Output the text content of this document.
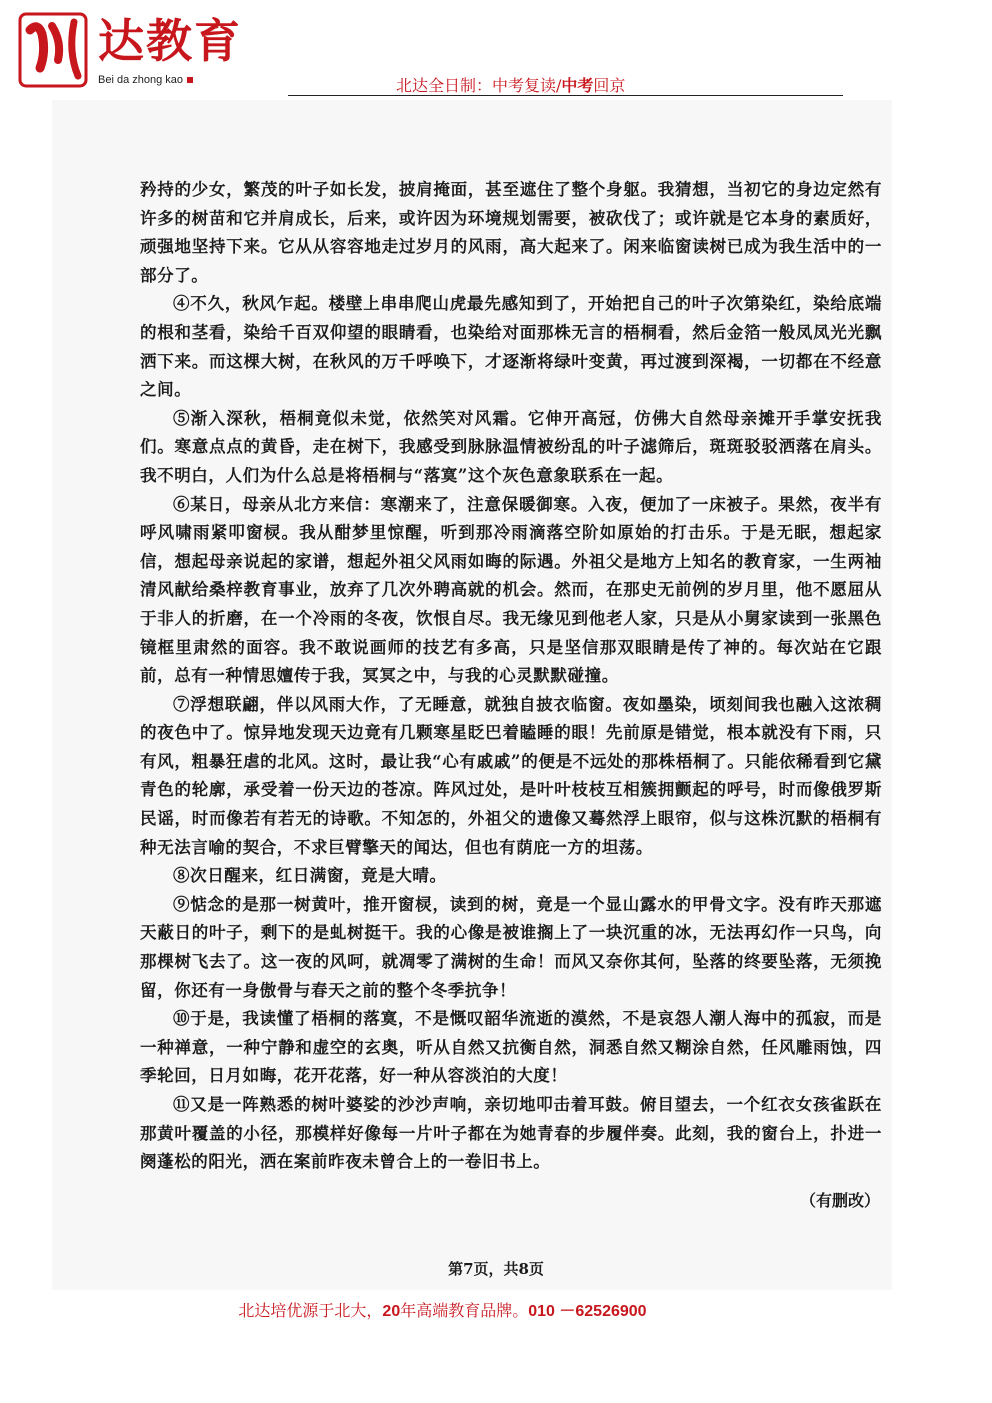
达教育
Bei da zhong kao	北达全日制：中考复读/中考回京

矜持的少女，繁茂的叶子如长发，披肩掩面，甚至遮住了整个身躯。我猜想，当初它的身边定然有许多的树苗和它并肩成长，后来，或许因为环境规划需要，被砍伐了；或许就是它本身的素质好，顽强地坚持下来。它从从容容地走过岁月的风雨，高大起来了。闲来临窗读树已成为我生活中的一部分了。

④不久，秋风乍起。楼壁上串串爬山虎最先感知到了，开始把自己的叶子次第染红，染给底端的根和茎看，染给千百双仰望的眼睛看，也染给对面那株无言的梧桐看，然后金箔一般凤凤光光飘洒下来。而这棵大树，在秋风的万千呼唤下，才逐渐将绿叶变黄，再过渡到深褐，一切都在不经意之间。

⑤渐入深秋，梧桐竟似未觉，依然笑对风霜。它伸开高冠，仿佛大自然母亲摊开手掌安抚我们。寒意点点的黄昏，走在树下，我感受到脉脉温情被纷乱的叶子滤筛后，斑斑驳驳洒落在肩头。我不明白，人们为什么总是将梧桐与“落寞”这个灰色意象联系在一起。

⑥某日，母亲从北方来信：寒潮来了，注意保暖御寒。入夜，便加了一床被子。果然，夜半有呼风啸雨紧叩窗棂。我从酣梦里惊醒，听到那冷雨滴落空阶如原始的打击乐。于是无眠，想起家信，想起母亲说起的家谱，想起外祖父风雨如晦的际遇。外祖父是地方上知名的教育家，一生两袖清风献给桑梓教育事业，放弃了几次外聘高就的机会。然而，在那史无前例的岁月里，他不愿屈从于非人的折磨，在一个冷雨的冬夜，饮恨自尽。我无缘见到他老人家，只是从小舅家读到一张黑色镜框里肃然的面容。我不敢说画师的技艺有多高，只是坚信那双眼睛是传了神的。每次站在它跟前，总有一种情思嬗传于我，冥冥之中，与我的心灵默默碰撞。

⑦浮想联翩，伴以风雨大作，了无睡意，就独自披衣临窗。夜如墨染，顷刻间我也融入这浓稠的夜色中了。惊异地发现天边竟有几颗寒星眨巴着瞌睡的眼！先前原是错觉，根本就没有下雨，只有风，粗暴狂虐的北风。这时，最让我“心有戚戚”的便是不远处的那株梧桐了。只能依稀看到它黛青色的轮廓，承受着一份天边的苍凉。阵风过处，是叶叶枝枝互相簇拥颤起的呼号，时而像俄罗斯民谣，时而像若有若无的诗歌。不知怎的，外祖父的遗像又蓦然浮上眼帘，似与这株沉默的梧桐有种无法言喻的契合，不求巨臂擎天的闻达，但也有荫庇一方的坦荡。

⑧次日醒来，红日满窗，竟是大晴。

⑨惦念的是那一树黄叶，推开窗棂，读到的树，竟是一个显山露水的甲骨文字。没有昨天那遮天蔽日的叶子，剩下的是虬树挺干。我的心像是被谁搁上了一块沉重的冰，无法再幻作一只鸟，向那棵树飞去了。这一夜的风呵，就凋零了满树的生命！而风又奈你其何，坠落的终要坠落，无须挽留，你还有一身傲骨与春天之前的整个冬季抗争！

⑩于是，我读懂了梧桐的落寞，不是慨叹韶华流逝的漠然，不是哀怨人潮人海中的孤寂，而是一种禅意，一种宁静和虚空的玄奥，听从自然又抗衡自然，洞悉自然又糊涂自然，任风雕雨蚀，四季轮回，日月如晦，花开花落，好一种从容淡泊的大度！

⑪又是一阵熟悉的树叶婆娑的沙沙声响，亲切地叩击着耳鼓。俯目望去，一个红衣女孩雀跃在那黄叶覆盖的小径，那模样好像每一片叶子都在为她青春的步履伴奏。此刻，我的窗台上，扑进一阕蓬松的阳光，洒在案前昨夜未曾合上的一卷旧书上。

（有删改）
第7页，共8页
北达培优源于北大，20年高端教育品牌。010 －62526900
